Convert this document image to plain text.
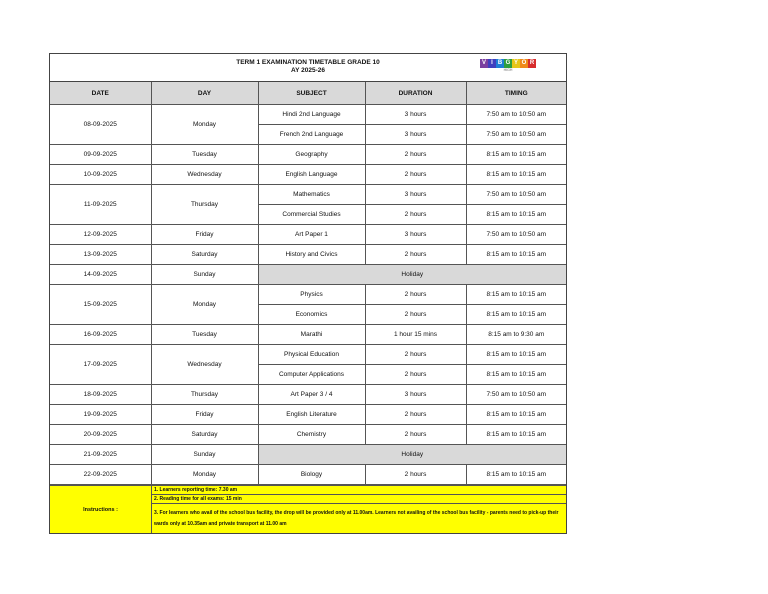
TERM 1 EXAMINATION TIMETABLE GRADE 10
AY 2025-26
V I B G Y O R
HIGH
DATE	DAY	SUBJECT	DURATION	TIMING
08-09-2025	Monday	Hindi 2nd Language	3 hours	7:50 am to 10:50 am
		French 2nd Language	3 hours	7:50 am to 10:50 am
09-09-2025	Tuesday	Geography	2 hours	8:15 am to 10:15 am
10-09-2025	Wednesday	English Language	2 hours	8:15 am to 10:15 am
11-09-2025	Thursday	Mathematics	3 hours	7:50 am to 10:50 am
		Commercial Studies	2 hours	8:15 am to 10:15 am
12-09-2025	Friday	Art Paper 1	3 hours	7:50 am to 10:50 am
13-09-2025	Saturday	History and Civics	2 hours	8:15 am to 10:15 am
14-09-2025	Sunday	Holiday		
15-09-2025	Monday	Physics	2 hours	8:15 am to 10:15 am
		Economics	2 hours	8:15 am to 10:15 am
16-09-2025	Tuesday	Marathi	1 hour 15 mins	8:15 am to 9:30 am
17-09-2025	Wednesday	Physical Education	2 hours	8:15 am to 10:15 am
		Computer Applications	2 hours	8:15 am to 10:15 am
18-09-2025	Thursday	Art Paper 3 / 4	3 hours	7:50 am to 10:50 am
19-09-2025	Friday	English Literature	2 hours	8:15 am to 10:15 am
20-09-2025	Saturday	Chemistry	2 hours	8:15 am to 10:15 am
21-09-2025	Sunday	Holiday		
22-09-2025	Monday	Biology	2 hours	8:15 am to 10:15 am
Instructions :
1. Learners reporting time: 7.30 am
2. Reading time for all exams: 15 min
3. For learners who avail of the school bus facility, the drop will be provided only at 11.00am. Learners not availing of the school bus facility - parents need to pick-up their wards only at 10.35am and private transport at 11.00 am
